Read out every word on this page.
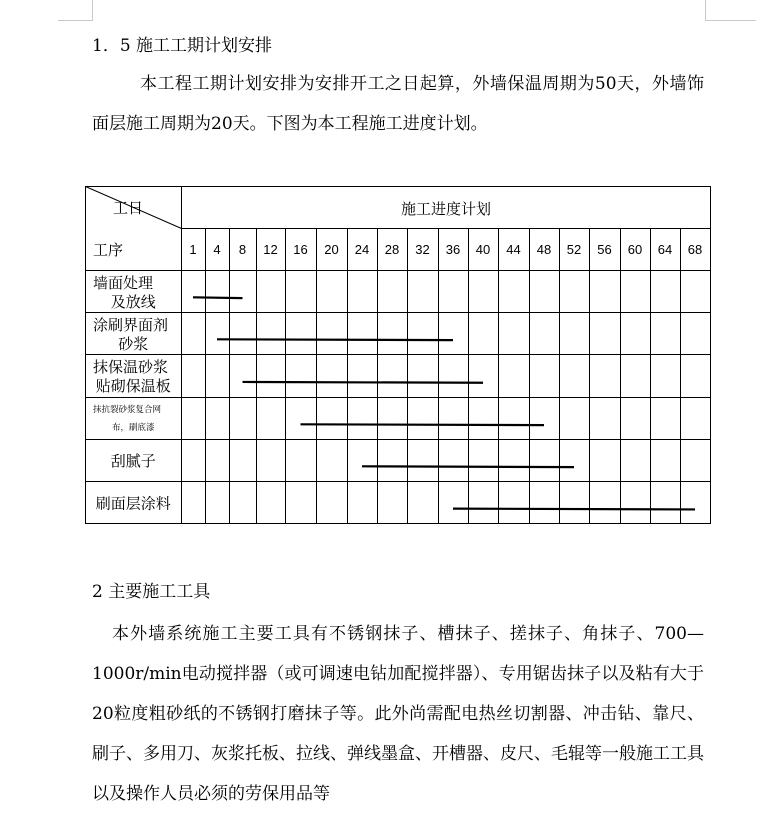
1．5 施工工期计划安排

本工程工期计划安排为安排开工之日起算，外墙保温周期为50天，外墙饰面层施工周期为20天。下图为本工程施工进度计划。

工日
工序
施工进度计划
1 4 8 12 16 20 24 28 32 36 40 44 48 52 56 60 64 68
墙面处理
及放线
涂刷界面剂
砂浆
抹保温砂浆
贴砌保温板
抹抗裂砂浆复合网
布，刷底漆
刮腻子
刷面层涂料
2 主要施工工具

本外墙系统施工主要工具有不锈钢抹子、槽抹子、搓抹子、角抹子、700—1000r/min电动搅拌器（或可调速电钻加配搅拌器）、专用锯齿抹子以及粘有大于20粒度粗砂纸的不锈钢打磨抹子等。此外尚需配电热丝切割器、冲击钻、靠尺、刷子、多用刀、灰浆托板、拉线、弹线墨盒、开槽器、皮尺、毛辊等一般施工工具以及操作人员必须的劳保用品等
